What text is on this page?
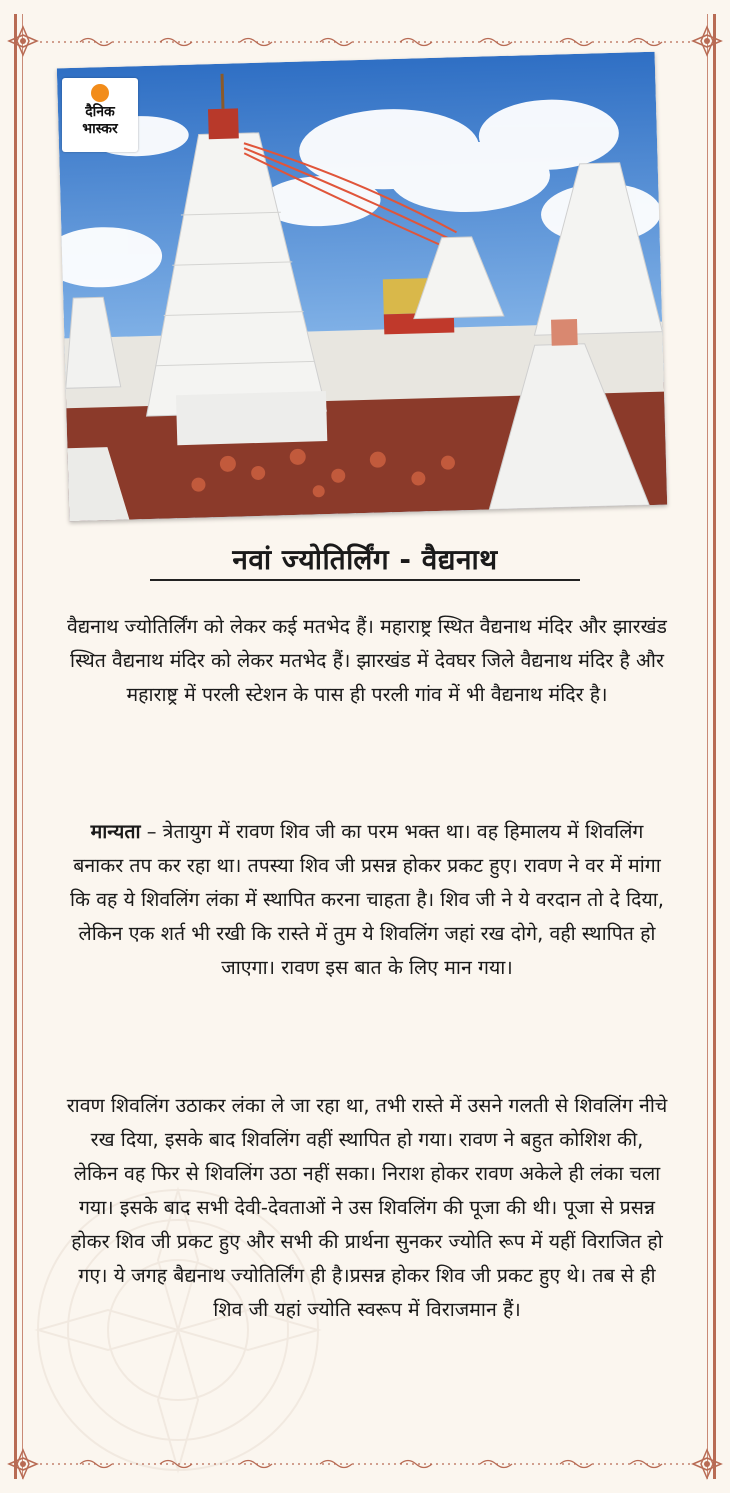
दैनिक
भास्कर
नवां ज्योतिर्लिंग - वैद्यनाथ

वैद्यनाथ ज्योतिर्लिंग को लेकर कई मतभेद हैं। महाराष्ट्र स्थित वैद्यनाथ मंदिर और झारखंड स्थित वैद्यनाथ मंदिर को लेकर मतभेद हैं। झारखंड में देवघर जिले वैद्यनाथ मंदिर है और महाराष्ट्र में परली स्टेशन के पास ही परली गांव में भी वैद्यनाथ मंदिर है।

मान्यता – त्रेतायुग में रावण शिव जी का परम भक्त था। वह हिमालय में शिवलिंग बनाकर तप कर रहा था। तपस्या शिव जी प्रसन्न होकर प्रकट हुए। रावण ने वर में मांगा कि वह ये शिवलिंग लंका में स्थापित करना चाहता है। शिव जी ने ये वरदान तो दे दिया, लेकिन एक शर्त भी रखी कि रास्ते में तुम ये शिवलिंग जहां रख दोगे, वही स्थापित हो जाएगा। रावण इस बात के लिए मान गया।

रावण शिवलिंग उठाकर लंका ले जा रहा था, तभी रास्ते में उसने गलती से शिवलिंग नीचे रख दिया, इसके बाद शिवलिंग वहीं स्थापित हो गया। रावण ने बहुत कोशिश की, लेकिन वह फिर से शिवलिंग उठा नहीं सका। निराश होकर रावण अकेले ही लंका चला गया। इसके बाद सभी देवी-देवताओं ने उस शिवलिंग की पूजा की थी। पूजा से प्रसन्न होकर शिव जी प्रकट हुए और सभी की प्रार्थना सुनकर ज्योति रूप में यहीं विराजित हो गए। ये जगह बैद्यनाथ ज्योतिर्लिंग ही है।प्रसन्न होकर शिव जी प्रकट हुए थे। तब से ही शिव जी यहां ज्योति स्वरूप में विराजमान हैं।
